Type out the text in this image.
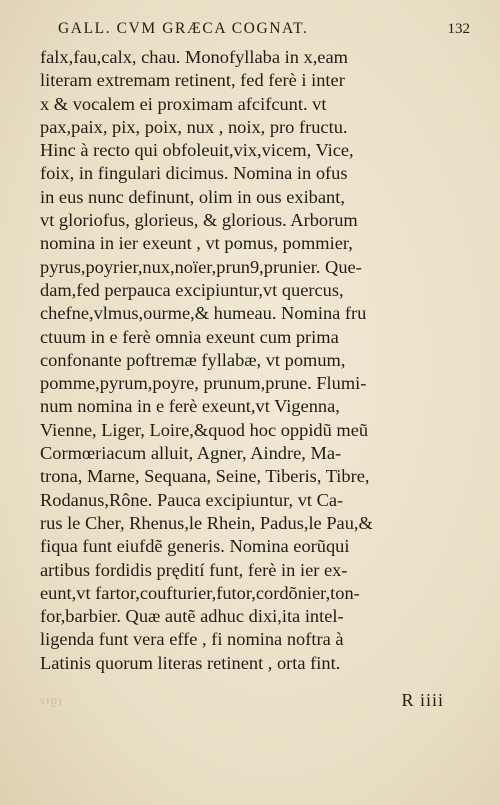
GALL. CVM GRÆCA COGNAT.	132
falx,fau,calx, chau. Monofyllaba in x,eam
literam extremam retinent, fed ferè i inter
x & vocalem ei proximam afcifcunt. vt
pax,paix, pix, poix, nux , noix, pro fructu.
Hinc à recto qui obfoleuit,vix,vicem, Vice,
foix, in fingulari dicimus. Nomina in ofus
in eus nunc definunt, olim in ous exibant,
vt gloriofus, glorieus, & glorious. Arborum
nomina in ier exeunt , vt pomus, pommier,
pyrus,poyrier,nux,noïer,prun9,prunier. Que-
dam,fed perpauca excipiuntur,vt quercus,
chefne,vlmus,ourme,& humeau. Nomina fru
ctuum in e ferè omnia exeunt cum prima
confonante poftremæ fyllabæ, vt pomum,
pomme,pyrum,poyre, prunum,prune. Flumi-
num nomina in e ferè exeunt,vt Vigenna,
Vienne, Liger, Loire,&quod hoc oppidũ meũ
Cormœriacum alluit, Agner, Aindre, Ma-
trona, Marne, Sequana, Seine, Tiberis, Tibre,
Rodanus,Rône. Pauca excipiuntur, vt Ca-
rus le Cher, Rhenus,le Rhein, Padus,le Pau,&
fiqua funt eiufdẽ generis. Nomina eorũqui
artibus fordidis prędití funt, ferè in ier ex-
eunt,vt fartor,coufturier,futor,cordõnier,ton-
for,barbier. Quæ autẽ adhuc dixi,ita intel-
ligenda funt vera effe , fi nomina noftra à
Latinis quorum literas retinent , orta fint.
ƨıƃʇ	R iiii
